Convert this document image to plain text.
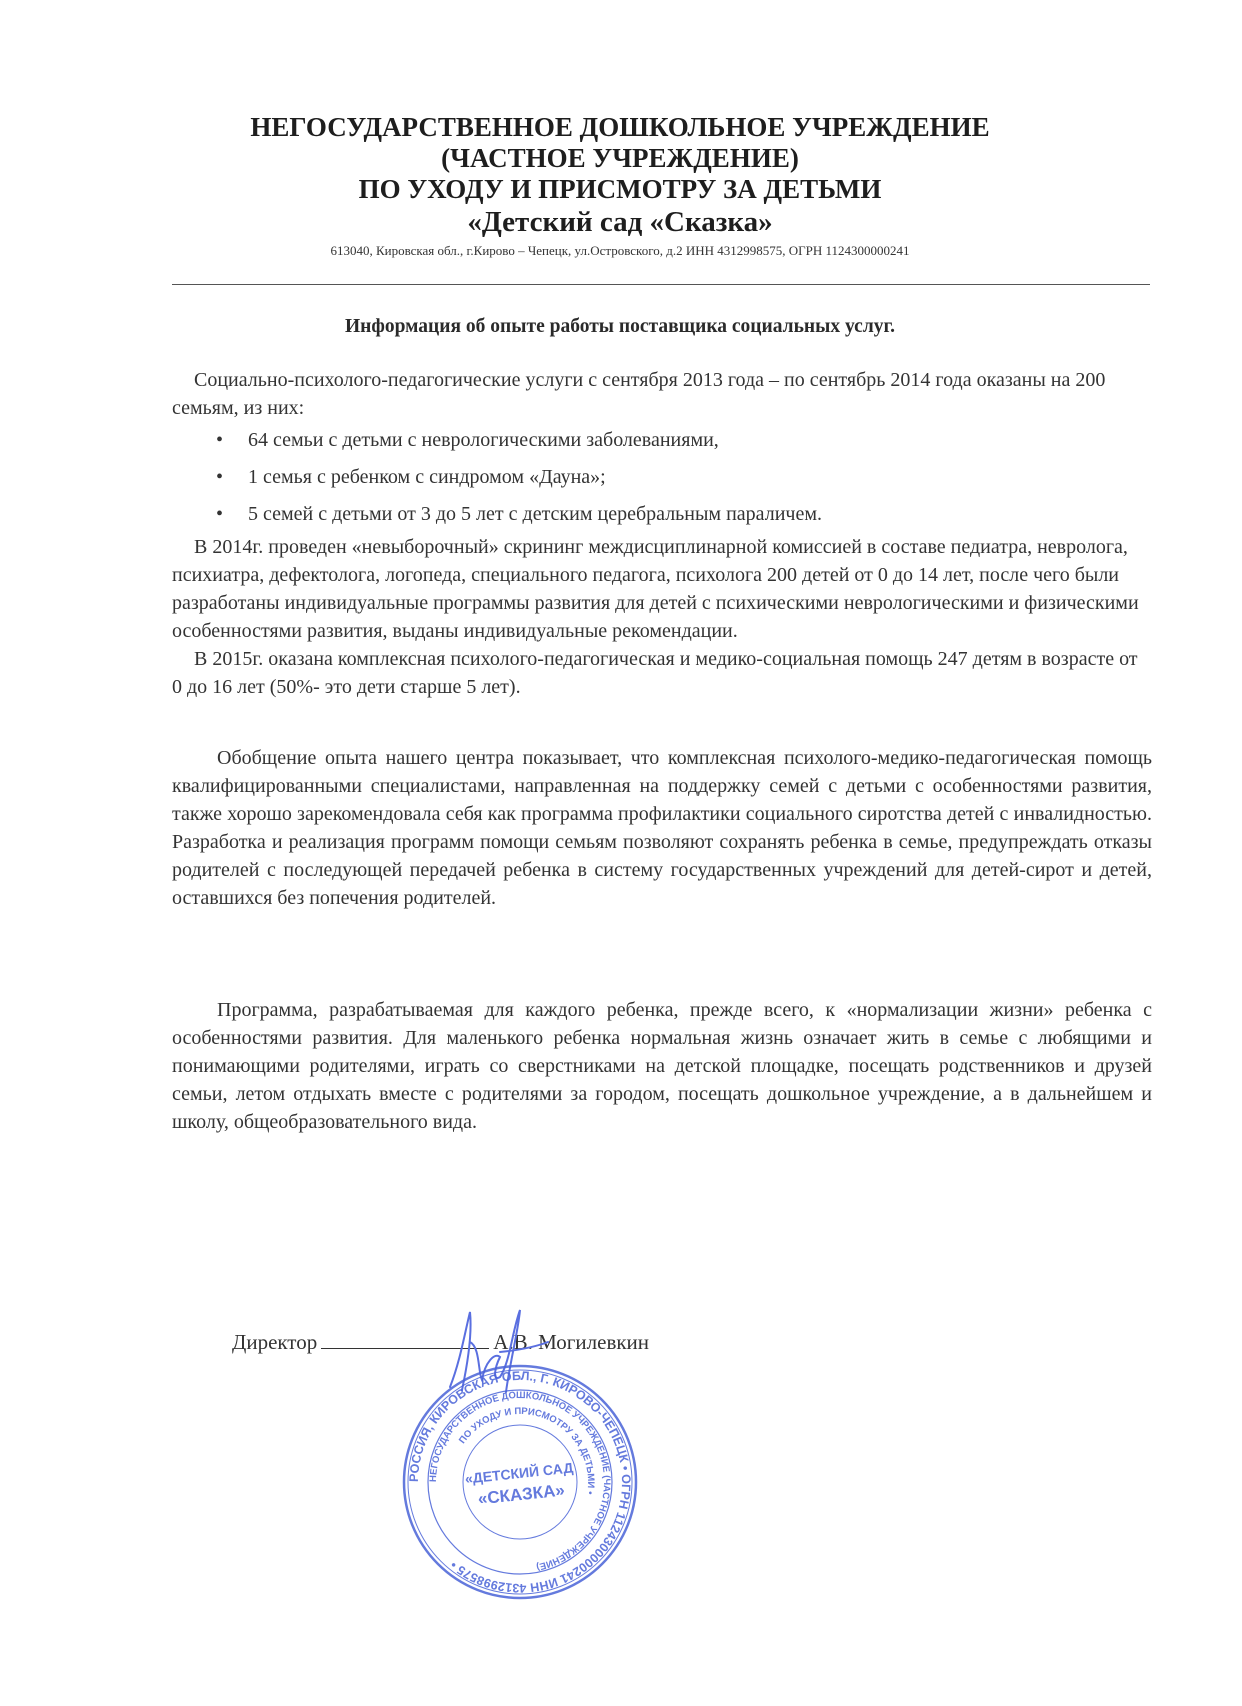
НЕГОСУДАРСТВЕННОЕ ДОШКОЛЬНОЕ УЧРЕЖДЕНИЕ
(ЧАСТНОЕ УЧРЕЖДЕНИЕ)
ПО УХОДУ И ПРИСМОТРУ ЗА ДЕТЬМИ
«Детский сад «Сказка»
613040, Кировская обл., г.Кирово – Чепецк, ул.Островского, д.2 ИНН 4312998575, ОГРН 1124300000241
Информация об опыте работы поставщика социальных услуг.

Социально-психолого-педагогические услуги с сентября 2013 года – по сентябрь 2014 года оказаны на 200 семьям, из них:

• 64 семьи с детьми с неврологическими заболеваниями,
• 1 семья с ребенком с синдромом «Дауна»;
• 5 семей с детьми от 3 до 5 лет с детским церебральным параличем.

В 2014г. проведен «невыборочный» скрининг междисциплинарной комиссией в составе педиатра, невролога, психиатра, дефектолога, логопеда, специального педагога, психолога 200 детей от 0 до 14 лет, после чего были разработаны индивидуальные программы развития для детей с психическими неврологическими и физическими особенностями развития, выданы индивидуальные рекомендации.

В 2015г. оказана комплексная психолого-педагогическая и медико-социальная помощь 247 детям в возрасте от 0 до 16 лет (50%- это дети старше 5 лет).

Обобщение опыта нашего центра показывает, что комплексная психолого-медико-педагогическая помощь квалифицированными специалистами, направленная на поддержку семей с детьми с особенностями развития, также хорошо зарекомендовала себя как программа профилактики социального сиротства детей с инвалидностью. Разработка и реализация программ помощи семьям позволяют сохранять ребенка в семье, предупреждать отказы родителей с последующей передачей ребенка в систему государственных учреждений для детей-сирот и детей, оставшихся без попечения родителей.

Программа, разрабатываемая для каждого ребенка, прежде всего, к «нормализации жизни» ребенка с особенностями развития. Для маленького ребенка нормальная жизнь означает жить в семье с любящими и понимающими родителями, играть со сверстниками на детской площадке, посещать родственников и друзей семьи, летом отдыхать вместе с родителями за городом, посещать дошкольное учреждение, а в дальнейшем и школу, общеобразовательного вида.

Директор	А.В. Могилевкин
РОССИЯ, КИРОВСКАЯ ОБЛ., Г. КИРОВО-ЧЕПЕЦК • ОГРН 1124300000241 ИНН 4312998575 •
НЕГОСУДАРСТВЕННОЕ ДОШКОЛЬНОЕ УЧРЕЖДЕНИЕ (ЧАСТНОЕ УЧРЕЖДЕНИЕ)
ПО УХОДУ И ПРИСМОТРУ ЗА ДЕТЬМИ •
«ДЕТСКИЙ САД
«СКАЗКА»
